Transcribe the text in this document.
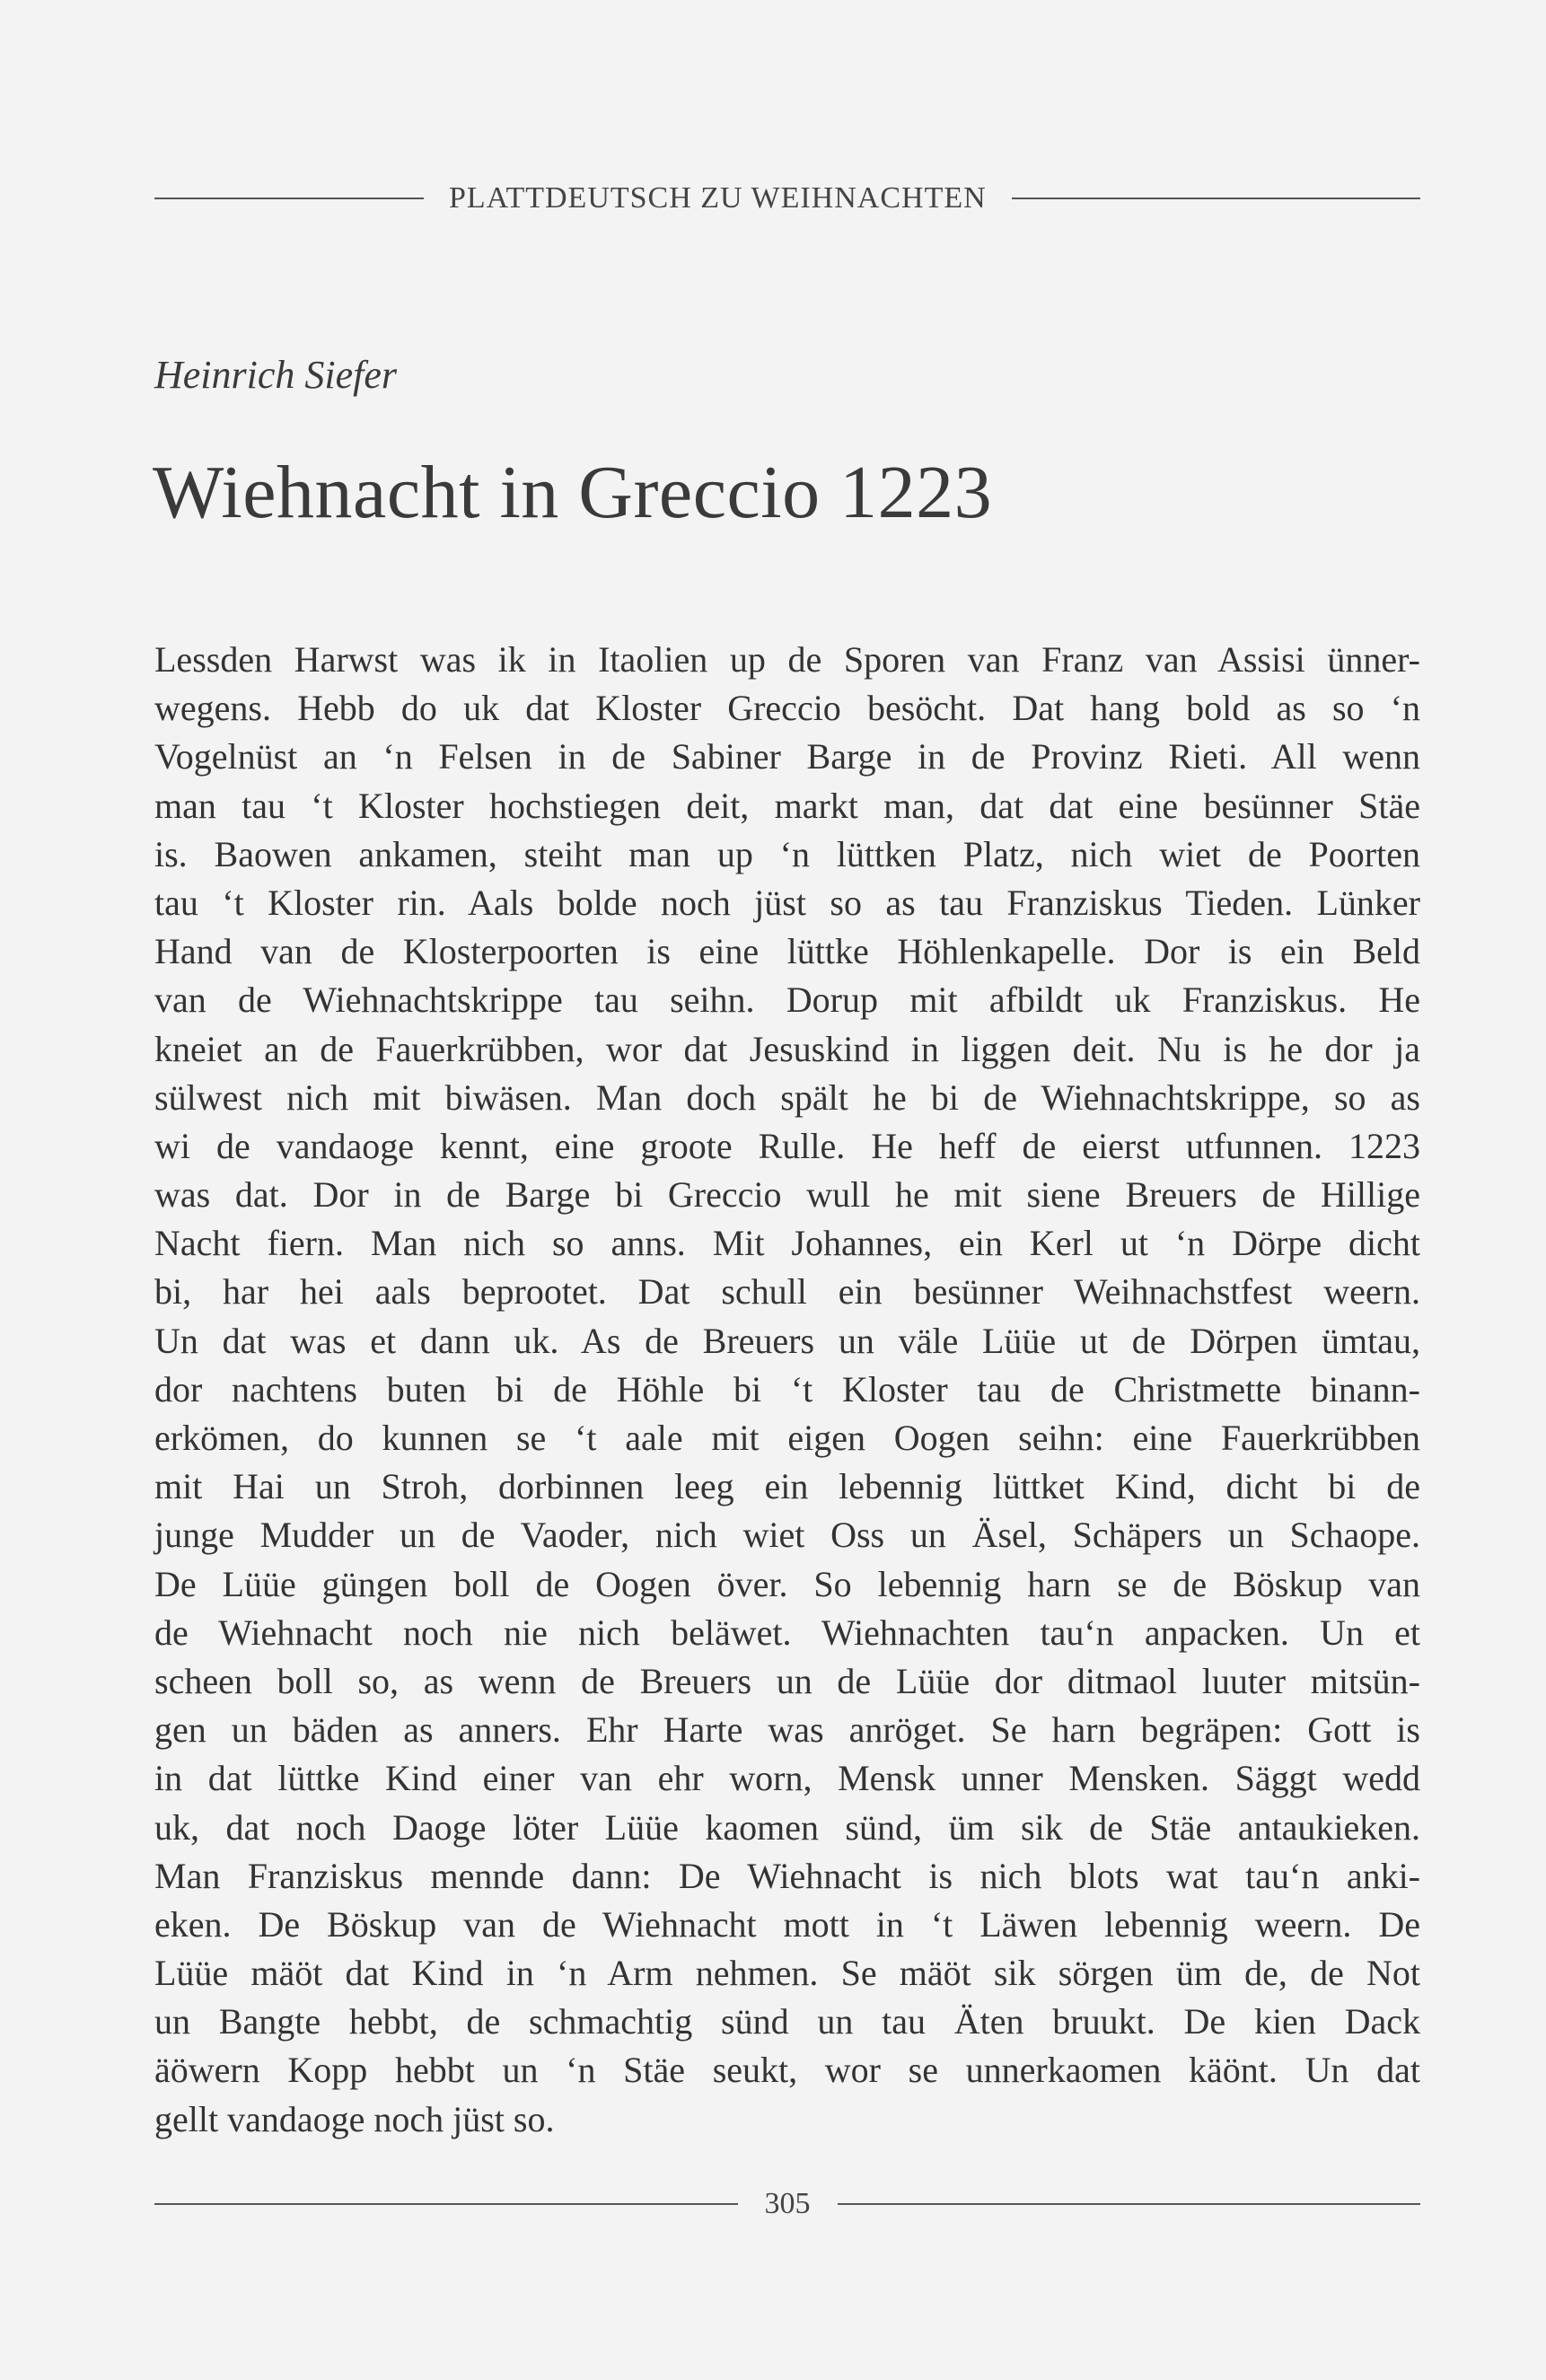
PLATTDEUTSCH ZU WEIHNACHTEN
Heinrich Siefer
Wiehnacht in Greccio 1223
Lessden Harwst was ik in Itaolien up de Sporen van Franz van Assisi ünner-
wegens. Hebb do uk dat Kloster Greccio besöcht. Dat hang bold as so ‘n
Vogelnüst an ‘n Felsen in de Sabiner Barge in de Provinz Rieti. All wenn
man tau ‘t Kloster hochstiegen deit, markt man, dat dat eine besünner Stäe
is. Baowen ankamen, steiht man up ‘n lüttken Platz, nich wiet de Poorten
tau ‘t Kloster rin. Aals bolde noch jüst so as tau Franziskus Tieden. Lünker
Hand van de Klosterpoorten is eine lüttke Höhlenkapelle. Dor is ein Beld
van de Wiehnachtskrippe tau seihn. Dorup mit afbildt uk Franziskus. He
kneiet an de Fauerkrübben, wor dat Jesuskind in liggen deit. Nu is he dor ja
sülwest nich mit biwäsen. Man doch spält he bi de Wiehnachtskrippe, so as
wi de vandaoge kennt, eine groote Rulle. He heff de eierst utfunnen. 1223
was dat. Dor in de Barge bi Greccio wull he mit siene Breuers de Hillige
Nacht fiern. Man nich so anns. Mit Johannes, ein Kerl ut ‘n Dörpe dicht
bi, har hei aals beprootet. Dat schull ein besünner Weihnachstfest weern.
Un dat was et dann uk. As de Breuers un väle Lüüe ut de Dörpen ümtau,
dor nachtens buten bi de Höhle bi ‘t Kloster tau de Christmette binann-
erkömen, do kunnen se ‘t aale mit eigen Oogen seihn: eine Fauerkrübben
mit Hai un Stroh, dorbinnen leeg ein lebennig lüttket Kind, dicht bi de
junge Mudder un de Vaoder, nich wiet Oss un Äsel, Schäpers un Schaope.
De Lüüe güngen boll de Oogen över. So lebennig harn se de Böskup van
de Wiehnacht noch nie nich beläwet. Wiehnachten tau‘n anpacken. Un et
scheen boll so, as wenn de Breuers un de Lüüe dor ditmaol luuter mitsün-
gen un bäden as anners. Ehr Harte was anröget. Se harn begräpen: Gott is
in dat lüttke Kind einer van ehr worn, Mensk unner Mensken. Säggt wedd
uk, dat noch Daoge löter Lüüe kaomen sünd, üm sik de Stäe antaukieken.
Man Franziskus mennde dann: De Wiehnacht is nich blots wat tau‘n anki-
eken. De Böskup van de Wiehnacht mott in ‘t Läwen lebennig weern. De
Lüüe mäöt dat Kind in ‘n Arm nehmen. Se mäöt sik sörgen üm de, de Not
un Bangte hebbt, de schmachtig sünd un tau Äten bruukt. De kien Dack
äöwern Kopp hebbt un ‘n Stäe seukt, wor se unnerkaomen käönt. Un dat
gellt vandaoge noch jüst so.
305
